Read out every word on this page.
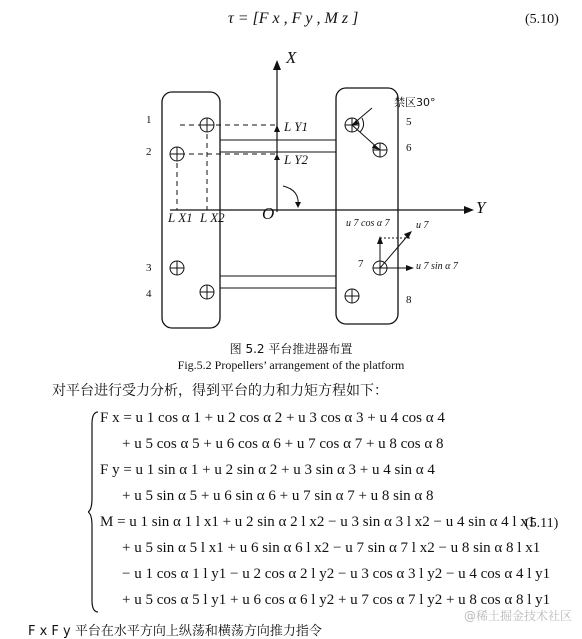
τ = [F x , F y , M z ]	(5.10)
X
Y
O
L Y1
L Y2
L X1 L X2
禁区30°
u 7 cos α 7	u 7
u 7 sin α 7
1
2
3
4
5
6
7
8
图 5.2 平台推进器布置
Fig.5.2 Propellers’ arrangement of the platform
对平台进行受力分析，得到平台的力和力矩方程如下：
F x = u 1 cos α 1 + u 2 cos α 2 + u 3 cos α 3 + u 4 cos α 4
+ u 5 cos α 5 + u 6 cos α 6 + u 7 cos α 7 + u 8 cos α 8
F y = u 1 sin α 1 + u 2 sin α 2 + u 3 sin α 3 + u 4 sin α 4
+ u 5 sin α 5 + u 6 sin α 6 + u 7 sin α 7 + u 8 sin α 8
M = u 1 sin α 1 l x1 + u 2 sin α 2 l x2 − u 3 sin α 3 l x2 − u 4 sin α 4 l x1
+ u 5 sin α 5 l x1 + u 6 sin α 6 l x2 − u 7 sin α 7 l x2 − u 8 sin α 8 l x1
− u 1 cos α 1 l y1 − u 2 cos α 2 l y2 − u 3 cos α 3 l y2 − u 4 cos α 4 l y1
+ u 5 cos α 5 l y1 + u 6 cos α 6 l y2 + u 7 cos α 7 l y2 + u 8 cos α 8 l y1
(5.11)
F x F y 平台在水平方向上纵荡和横荡方向推力指令
@稀土掘金技术社区
